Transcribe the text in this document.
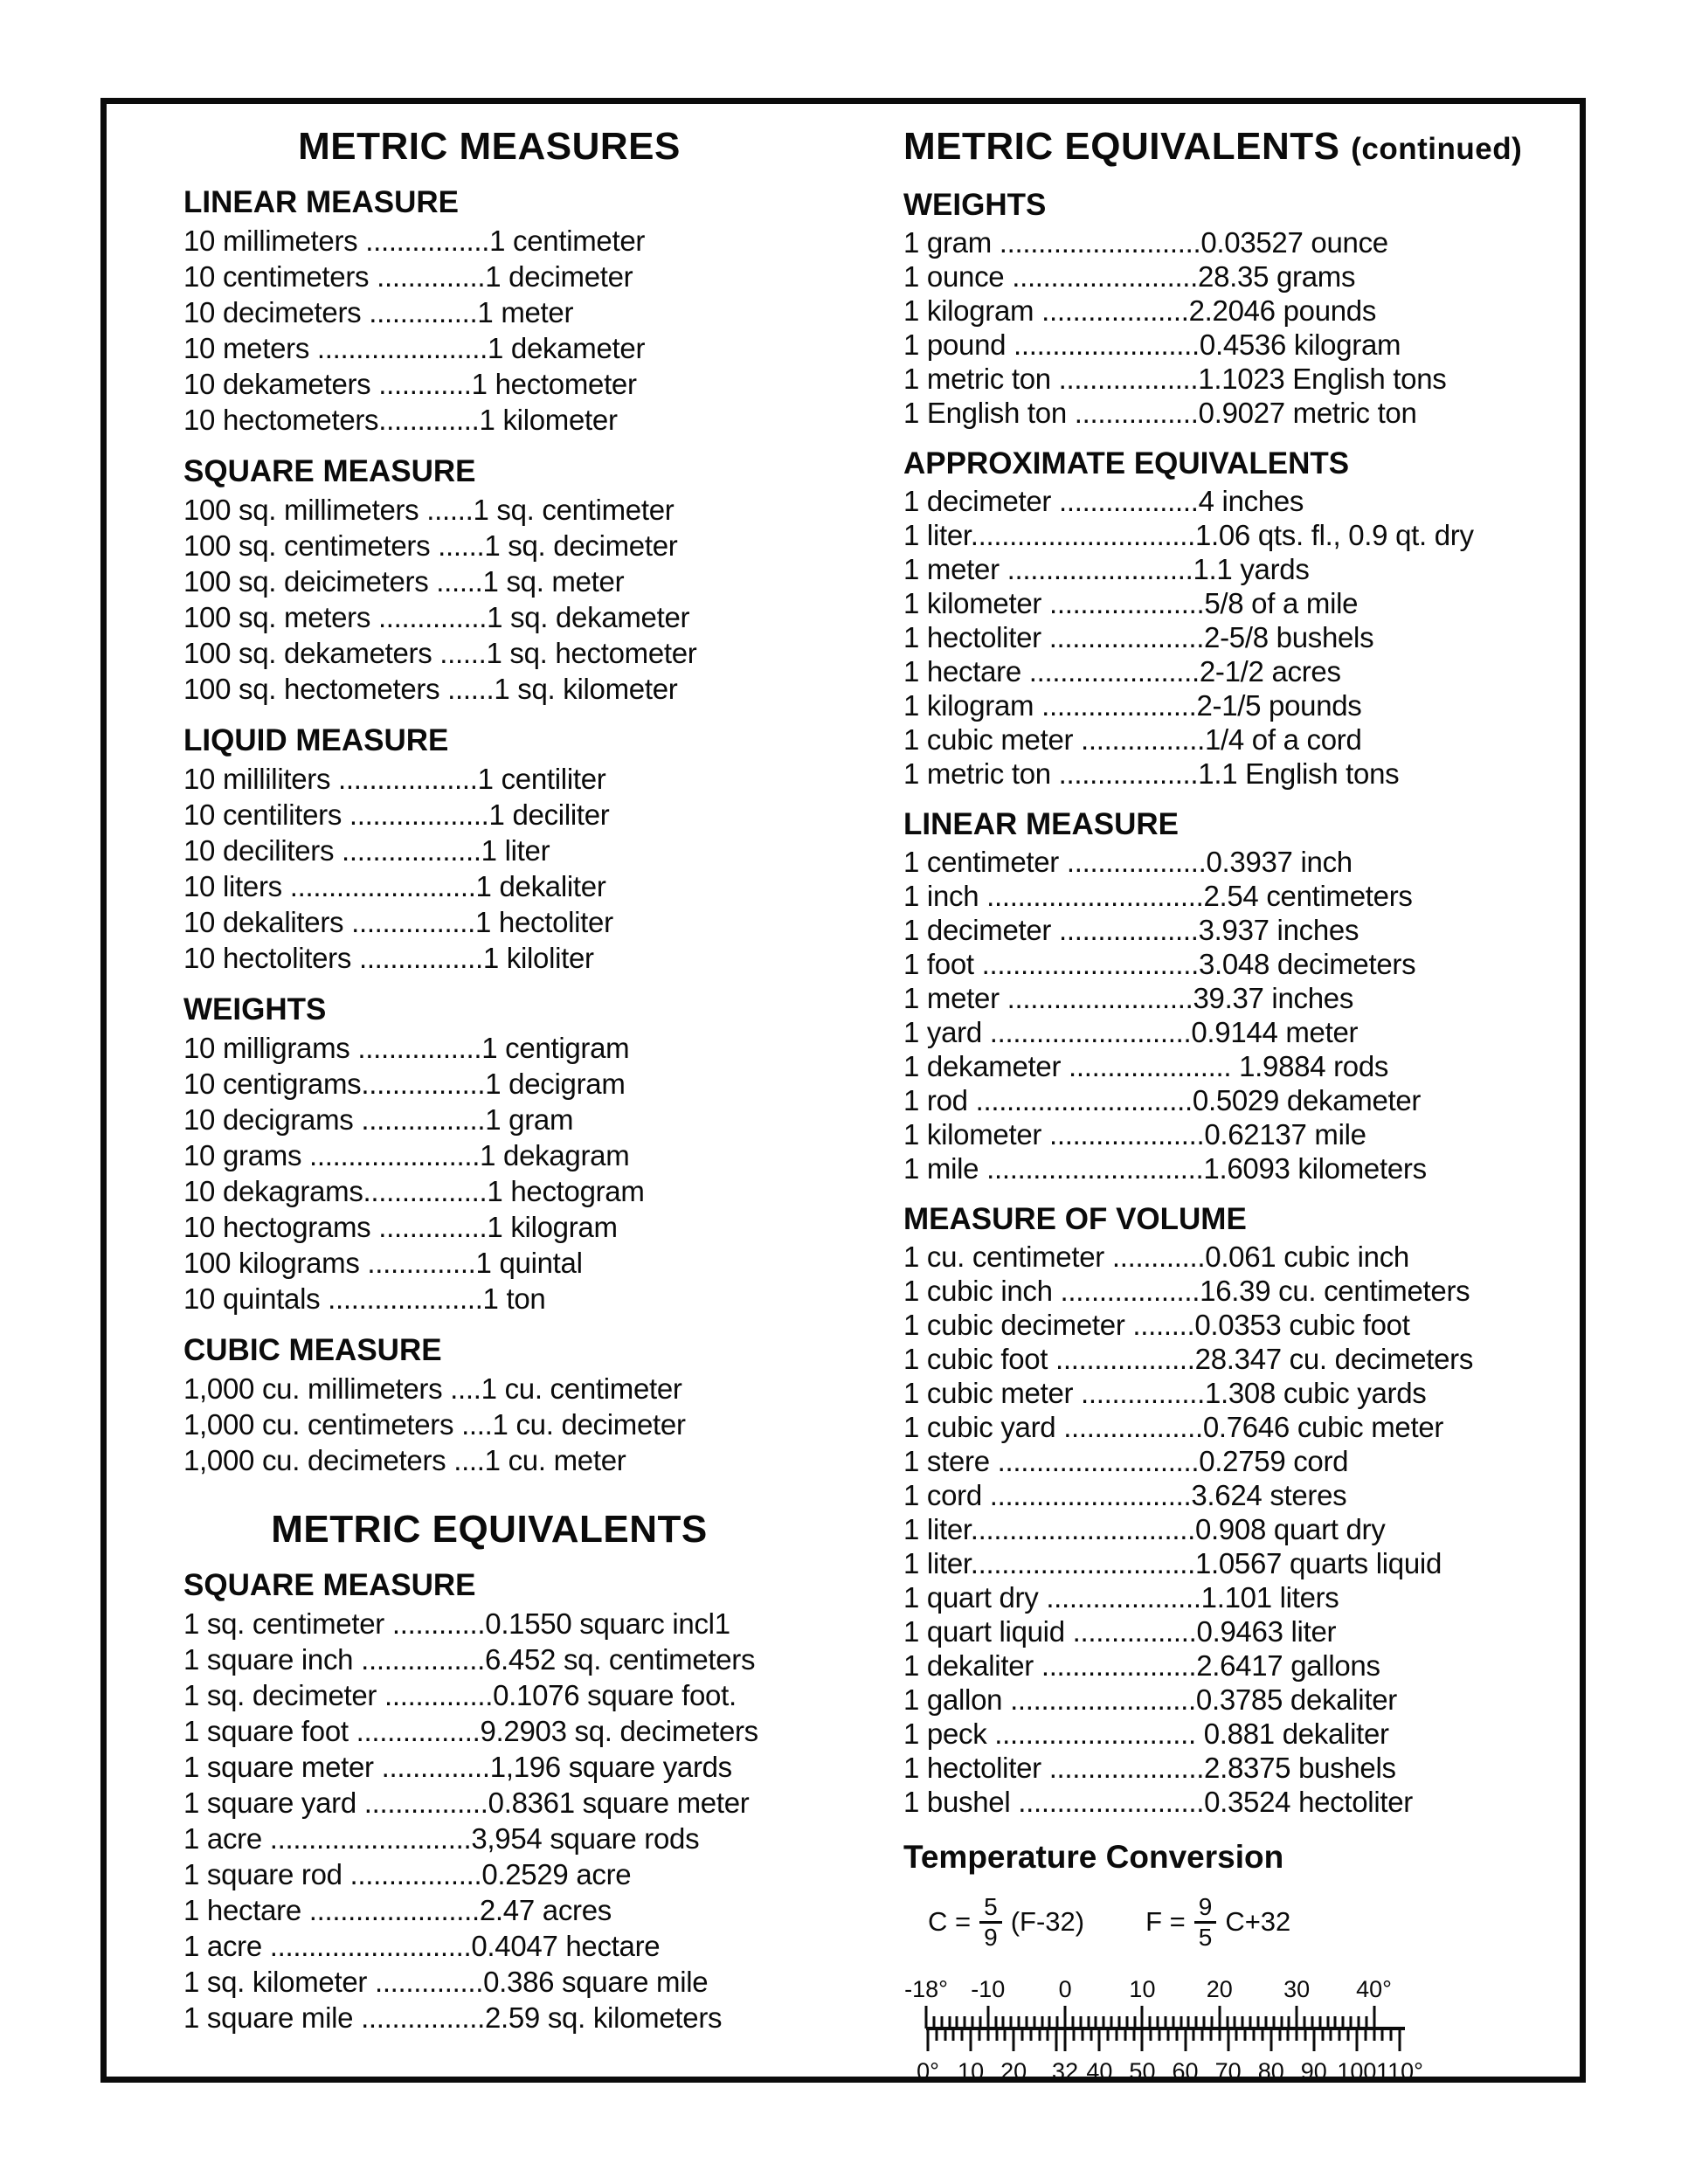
METRIC MEASURES
LINEAR MEASURE
10 millimeters ................1 centimeter
10 centimeters ..............1 decimeter
10 decimeters ..............1 meter
10 meters ......................1 dekameter
10 dekameters ............1 hectometer
10 hectometers.............1 kilometer
SQUARE MEASURE
100 sq. millimeters ......1 sq. centimeter
100 sq. centimeters ......1 sq. decimeter
100 sq. deicimeters ......1 sq. meter
100 sq. meters ..............1 sq. dekameter
100 sq. dekameters ......1 sq. hectometer
100 sq. hectometers ......1 sq. kilometer
LIQUID MEASURE
10 milliliters ..................1 centiliter
10 centiliters ..................1 deciliter
10 deciliters ..................1 liter
10 liters ........................1 dekaliter
10 dekaliters ................1 hectoliter
10 hectoliters ................1 kiloliter
WEIGHTS
10 milligrams ................1 centigram
10 centigrams................1 decigram
10 decigrams ................1 gram
10 grams ......................1 dekagram
10 dekagrams................1 hectogram
10 hectograms ..............1 kilogram
100 kilograms ..............1 quintal
10 quintals ....................1 ton
CUBIC MEASURE
1,000 cu. millimeters ....1 cu. centimeter
1,000 cu. centimeters ....1 cu. decimeter
1,000 cu. decimeters ....1 cu. meter
METRIC EQUIVALENTS
SQUARE MEASURE
1 sq. centimeter ............0.1550 squarc incl1
1 square inch ................6.452 sq. centimeters
1 sq. decimeter ..............0.1076 square foot.
1 square foot ................9.2903 sq. decimeters
1 square meter ..............1,196 square yards
1 square yard ................0.8361 square meter
1 acre ..........................3,954 square rods
1 square rod .................0.2529 acre
1 hectare ......................2.47 acres
1 acre ..........................0.4047 hectare
1 sq. kilometer ..............0.386 square mile
1 square mile ................2.59 sq. kilometers
METRIC EQUIVALENTS (continued)
WEIGHTS
1 gram ..........................0.03527 ounce
1 ounce ........................28.35 grams
1 kilogram ...................2.2046 pounds
1 pound ........................0.4536 kilogram
1 metric ton ..................1.1023 English tons
1 English ton ................0.9027 metric ton
APPROXIMATE EQUIVALENTS
1 decimeter ..................4 inches
1 liter.............................1.06 qts. fl., 0.9 qt. dry
1 meter ........................1.1 yards
1 kilometer ....................5/8 of a mile
1 hectoliter ....................2-5/8 bushels
1 hectare ......................2-1/2 acres
1 kilogram ....................2-1/5 pounds
1 cubic meter ................1/4 of a cord
1 metric ton ..................1.1 English tons
LINEAR MEASURE
1 centimeter ..................0.3937 inch
1 inch ............................2.54 centimeters
1 decimeter ..................3.937 inches
1 foot ............................3.048 decimeters
1 meter ........................39.37 inches
1 yard ..........................0.9144 meter
1 dekameter ..................... 1.9884 rods
1 rod ............................0.5029 dekameter
1 kilometer ....................0.62137 mile
1 mile ............................1.6093 kilometers
MEASURE OF VOLUME
1 cu. centimeter ............0.061 cubic inch
1 cubic inch ..................16.39 cu. centimeters
1 cubic decimeter ........0.0353 cubic foot
1 cubic foot ..................28.347 cu. decimeters
1 cubic meter ................1.308 cubic yards
1 cubic yard ..................0.7646 cubic meter
1 stere ..........................0.2759 cord
1 cord ..........................3.624 steres
1 liter.............................0.908 quart dry
1 liter.............................1.0567 quarts liquid
1 quart dry ....................1.101 liters
1 quart liquid ................0.9463 liter
1 dekaliter ....................2.6417 gallons
1 gallon ........................0.3785 dekaliter
1 peck .......................... 0.881 dekaliter
1 hectoliter ....................2.8375 bushels
1 bushel ........................0.3524 hectoliter
Temperature Conversion
$C = \frac{5}{9} (F-32) F = \frac{9}{5} C+32$
-18° -10 0 10 20 30 40°
0° 10 20 32 40 50 60 70 80 90 100 110°
